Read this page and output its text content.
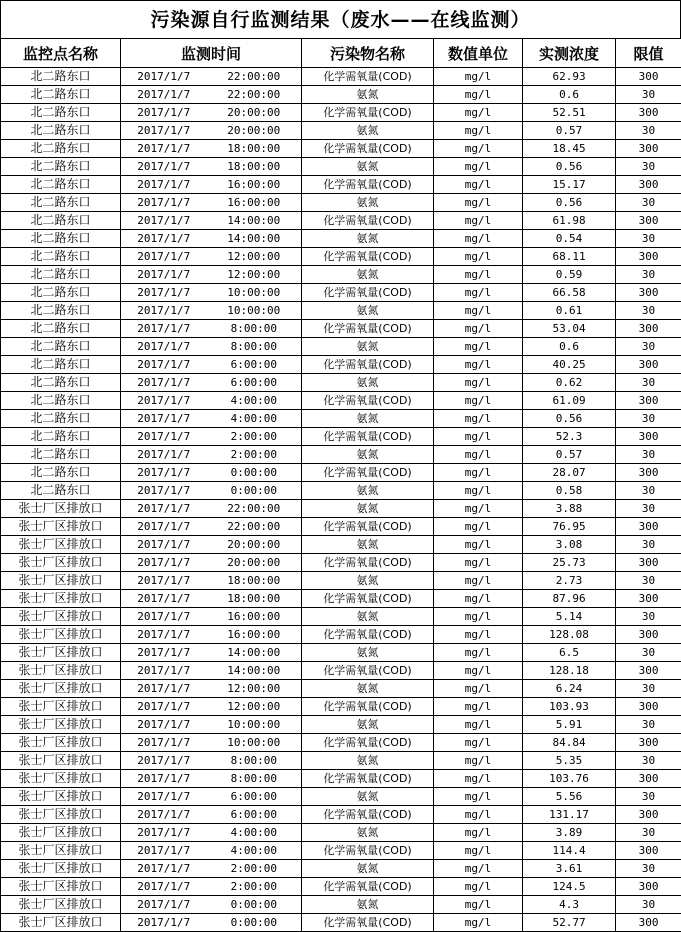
污染源自行监测结果（废水——在线监测）
监控点名称	监测时间		污染物名称	数值单位	实测浓度	限值
北二路东口	2017/1/7	22:00:00	化学需氧量(COD)	mg/l	62.93	300
北二路东口	2017/1/7	22:00:00	氨氮	mg/l	0.6	30
北二路东口	2017/1/7	20:00:00	化学需氧量(COD)	mg/l	52.51	300
北二路东口	2017/1/7	20:00:00	氨氮	mg/l	0.57	30
北二路东口	2017/1/7	18:00:00	化学需氧量(COD)	mg/l	18.45	300
北二路东口	2017/1/7	18:00:00	氨氮	mg/l	0.56	30
北二路东口	2017/1/7	16:00:00	化学需氧量(COD)	mg/l	15.17	300
北二路东口	2017/1/7	16:00:00	氨氮	mg/l	0.56	30
北二路东口	2017/1/7	14:00:00	化学需氧量(COD)	mg/l	61.98	300
北二路东口	2017/1/7	14:00:00	氨氮	mg/l	0.54	30
北二路东口	2017/1/7	12:00:00	化学需氧量(COD)	mg/l	68.11	300
北二路东口	2017/1/7	12:00:00	氨氮	mg/l	0.59	30
北二路东口	2017/1/7	10:00:00	化学需氧量(COD)	mg/l	66.58	300
北二路东口	2017/1/7	10:00:00	氨氮	mg/l	0.61	30
北二路东口	2017/1/7	8:00:00	化学需氧量(COD)	mg/l	53.04	300
北二路东口	2017/1/7	8:00:00	氨氮	mg/l	0.6	30
北二路东口	2017/1/7	6:00:00	化学需氧量(COD)	mg/l	40.25	300
北二路东口	2017/1/7	6:00:00	氨氮	mg/l	0.62	30
北二路东口	2017/1/7	4:00:00	化学需氧量(COD)	mg/l	61.09	300
北二路东口	2017/1/7	4:00:00	氨氮	mg/l	0.56	30
北二路东口	2017/1/7	2:00:00	化学需氧量(COD)	mg/l	52.3	300
北二路东口	2017/1/7	2:00:00	氨氮	mg/l	0.57	30
北二路东口	2017/1/7	0:00:00	化学需氧量(COD)	mg/l	28.07	300
北二路东口	2017/1/7	0:00:00	氨氮	mg/l	0.58	30
张士厂区排放口	2017/1/7	22:00:00	氨氮	mg/l	3.88	30
张士厂区排放口	2017/1/7	22:00:00	化学需氧量(COD)	mg/l	76.95	300
张士厂区排放口	2017/1/7	20:00:00	氨氮	mg/l	3.08	30
张士厂区排放口	2017/1/7	20:00:00	化学需氧量(COD)	mg/l	25.73	300
张士厂区排放口	2017/1/7	18:00:00	氨氮	mg/l	2.73	30
张士厂区排放口	2017/1/7	18:00:00	化学需氧量(COD)	mg/l	87.96	300
张士厂区排放口	2017/1/7	16:00:00	氨氮	mg/l	5.14	30
张士厂区排放口	2017/1/7	16:00:00	化学需氧量(COD)	mg/l	128.08	300
张士厂区排放口	2017/1/7	14:00:00	氨氮	mg/l	6.5	30
张士厂区排放口	2017/1/7	14:00:00	化学需氧量(COD)	mg/l	128.18	300
张士厂区排放口	2017/1/7	12:00:00	氨氮	mg/l	6.24	30
张士厂区排放口	2017/1/7	12:00:00	化学需氧量(COD)	mg/l	103.93	300
张士厂区排放口	2017/1/7	10:00:00	氨氮	mg/l	5.91	30
张士厂区排放口	2017/1/7	10:00:00	化学需氧量(COD)	mg/l	84.84	300
张士厂区排放口	2017/1/7	8:00:00	氨氮	mg/l	5.35	30
张士厂区排放口	2017/1/7	8:00:00	化学需氧量(COD)	mg/l	103.76	300
张士厂区排放口	2017/1/7	6:00:00	氨氮	mg/l	5.56	30
张士厂区排放口	2017/1/7	6:00:00	化学需氧量(COD)	mg/l	131.17	300
张士厂区排放口	2017/1/7	4:00:00	氨氮	mg/l	3.89	30
张士厂区排放口	2017/1/7	4:00:00	化学需氧量(COD)	mg/l	114.4	300
张士厂区排放口	2017/1/7	2:00:00	氨氮	mg/l	3.61	30
张士厂区排放口	2017/1/7	2:00:00	化学需氧量(COD)	mg/l	124.5	300
张士厂区排放口	2017/1/7	0:00:00	氨氮	mg/l	4.3	30
张士厂区排放口	2017/1/7	0:00:00	化学需氧量(COD)	mg/l	52.77	300
